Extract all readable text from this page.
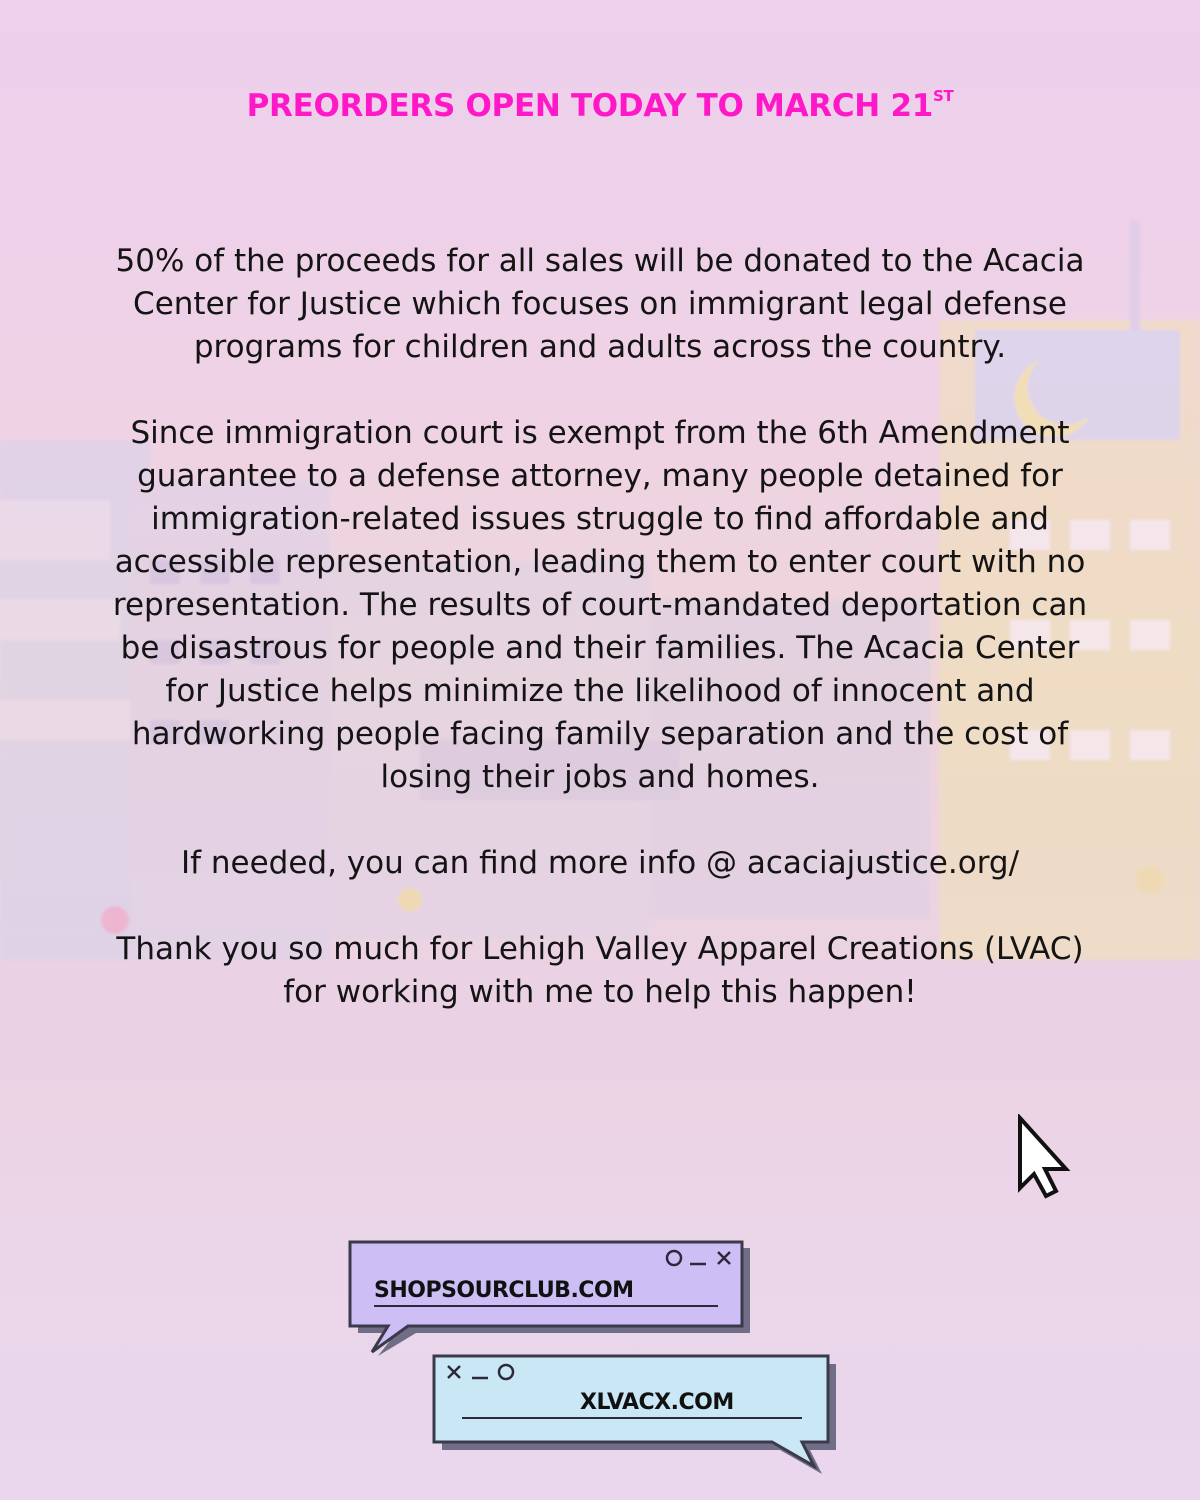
PREORDERS OPEN TODAY TO MARCH 21ST

50% of the proceeds for all sales will be donated to the Acacia Center for Justice which focuses on immigrant legal defense programs for children and adults across the country.

Since immigration court is exempt from the 6th Amendment guarantee to a defense attorney, many people detained for immigration-related issues struggle to find affordable and accessible representation, leading them to enter court with no representation. The results of court-mandated deportation can be disastrous for people and their families. The Acacia Center for Justice helps minimize the likelihood of innocent and hardworking people facing family separation and the cost of losing their jobs and homes.

If needed, you can find more info @ acaciajustice.org/

Thank you so much for Lehigh Valley Apparel Creations (LVAC) for working with me to help this happen!

SHOPSOURCLUB.COM
XLVACX.COM
